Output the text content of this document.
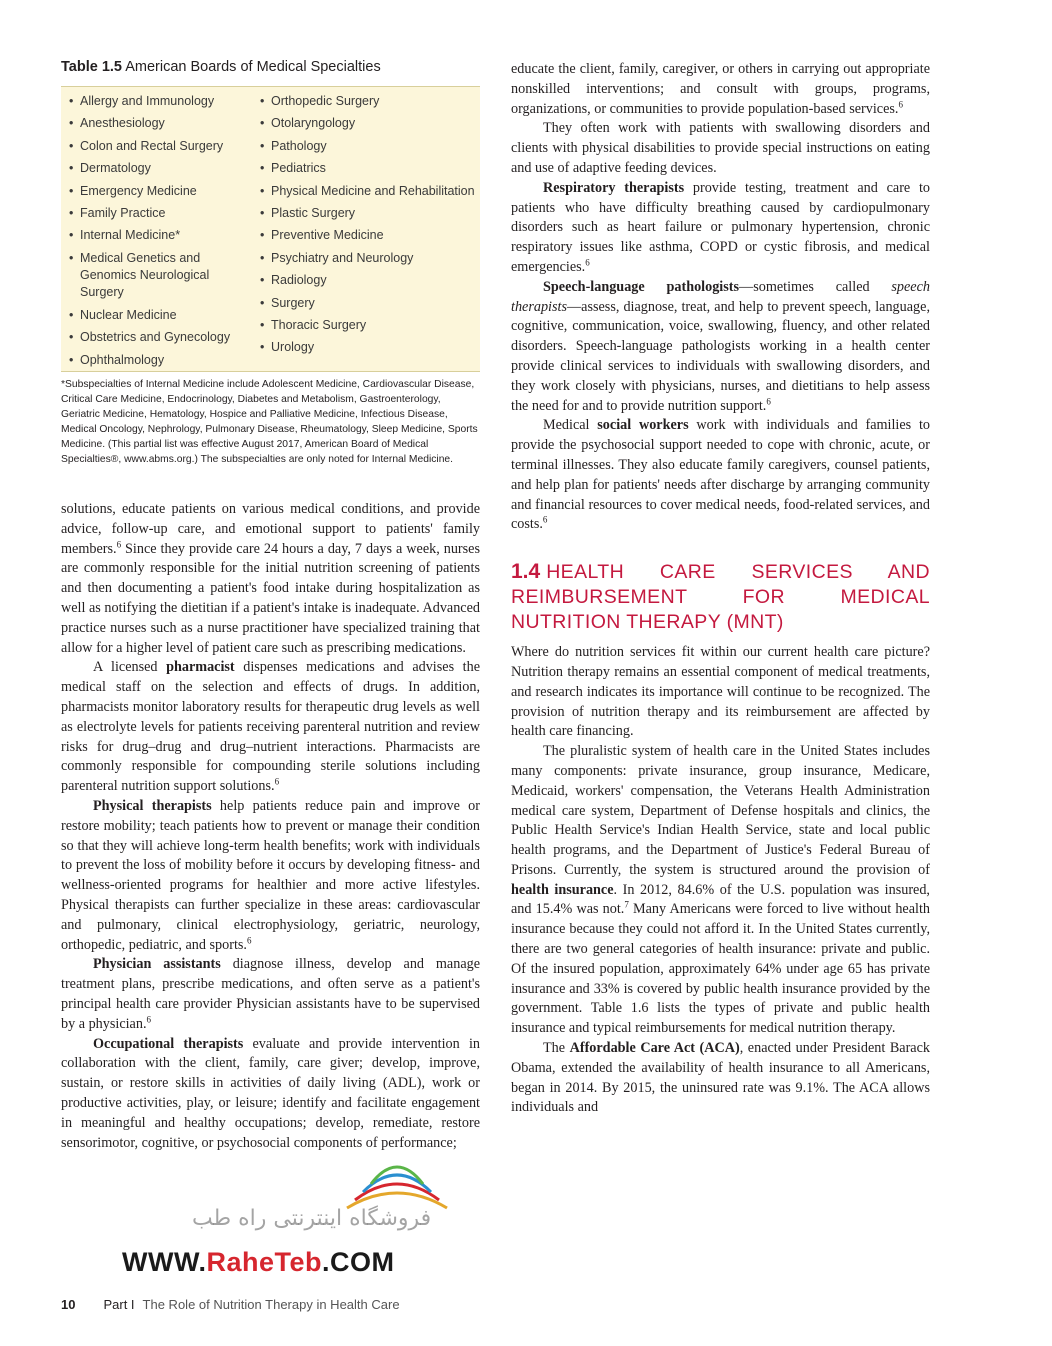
Table 1.5 American Boards of Medical Specialties
• Allergy and Immunology
• Anesthesiology
• Colon and Rectal Surgery
• Dermatology
• Emergency Medicine
• Family Practice
• Internal Medicine*
• Medical Genetics and Genomics Neurological Surgery
• Nuclear Medicine
• Obstetrics and Gynecology
• Ophthalmology
• Orthopedic Surgery
• Otolaryngology
• Pathology
• Pediatrics
• Physical Medicine and Rehabilitation
• Plastic Surgery
• Preventive Medicine
• Psychiatry and Neurology
• Radiology
• Surgery
• Thoracic Surgery
• Urology
*Subspecialties of Internal Medicine include Adolescent Medicine, Cardiovascular Disease, Critical Care Medicine, Endocrinology, Diabetes and Metabolism, Gastroenterology, Geriatric Medicine, Hematology, Hospice and Palliative Medicine, Infectious Disease, Medical Oncology, Nephrology, Pulmonary Disease, Rheumatology, Sleep Medicine, Sports Medicine. (This partial list was effective August 2017, American Board of Medical Specialties®, www.abms.org.) The subspecialties are only noted for Internal Medicine.

solutions, educate patients on various medical conditions, and provide advice, follow-up care, and emotional support to patients' family members.$^6$ Since they provide care 24 hours a day, 7 days a week, nurses are commonly responsible for the initial nutrition screening of patients and then documenting a patient's food intake during hospitalization as well as notifying the dietitian if a patient's intake is inadequate. Advanced practice nurses such as a nurse practitioner have specialized training that allow for a higher level of patient care such as prescribing medications.

A licensed pharmacist dispenses medications and advises the medical staff on the selection and effects of drugs. In addition, pharmacists monitor laboratory results for therapeutic drug levels as well as electrolyte levels for patients receiving parenteral nutrition and review risks for drug–drug and drug–nutrient interactions. Pharmacists are commonly responsible for compounding sterile solutions including parenteral nutrition support solutions.$^6$

Physical therapists help patients reduce pain and improve or restore mobility; teach patients how to prevent or manage their condition so that they will achieve long-term health benefits; work with individuals to prevent the loss of mobility before it occurs by developing fitness- and wellness-oriented programs for healthier and more active lifestyles. Physical therapists can further specialize in these areas: cardiovascular and pulmonary, clinical electrophysiology, geriatric, neurology, orthopedic, pediatric, and sports.$^6$

Physician assistants diagnose illness, develop and manage treatment plans, prescribe medications, and often serve as a patient's principal health care provider Physician assistants have to be supervised by a physician.$^6$

Occupational therapists evaluate and provide intervention in collaboration with the client, family, care giver; develop, improve, sustain, or restore skills in activities of daily living (ADL), work or productive activities, play, or leisure; identify and facilitate engagement in meaningful and healthy occupations; develop, remediate, restore sensorimotor, cognitive, or psychosocial components of performance;

educate the client, family, caregiver, or others in carrying out appropriate nonskilled interventions; and consult with groups, programs, organizations, or communities to provide population-based services.$^6$

They often work with patients with swallowing disorders and clients with physical disabilities to provide special instructions on eating and use of adaptive feeding devices.

Respiratory therapists provide testing, treatment and care to patients who have difficulty breathing caused by cardiopulmonary disorders such as heart failure or pulmonary hypertension, chronic respiratory issues like asthma, COPD or cystic fibrosis, and medical emergencies.$^6$

Speech-language pathologists—sometimes called speech therapists—assess, diagnose, treat, and help to prevent speech, language, cognitive, communication, voice, swallowing, fluency, and other related disorders. Speech-language pathologists working in a health center provide clinical services to individuals with swallowing disorders, and they work closely with physicians, nurses, and dietitians to help assess the need for and to provide nutrition support.$^6$

Medical social workers work with individuals and families to provide the psychosocial support needed to cope with chronic, acute, or terminal illnesses. They also educate family caregivers, counsel patients, and help plan for patients' needs after discharge by arranging community and financial resources to cover medical needs, food-related services, and costs.$^6$

1.4 HEALTH CARE SERVICES AND REIMBURSEMENT FOR MEDICAL NUTRITION THERAPY (MNT)

Where do nutrition services fit within our current health care picture? Nutrition therapy remains an essential component of medical treatments, and research indicates its importance will continue to be recognized. The provision of nutrition therapy and its reimbursement are affected by health care financing.

The pluralistic system of health care in the United States includes many components: private insurance, group insurance, Medicare, Medicaid, workers' compensation, the Veterans Health Administration medical care system, Department of Defense hospitals and clinics, the Public Health Service's Indian Health Service, state and local public health programs, and the Department of Justice's Federal Bureau of Prisons. Currently, the system is structured around the provision of health insurance. In 2012, 84.6% of the U.S. population was insured, and 15.4% was not.$^7$ Many Americans were forced to live without health insurance because they could not afford it. In the United States currently, there are two general categories of health insurance: private and public. Of the insured population, approximately 64% under age 65 has private insurance and 33% is covered by public health insurance provided by the government. Table 1.6 lists the types of private and public health insurance and typical reimbursements for medical nutrition therapy.

The Affordable Care Act (ACA), enacted under President Barack Obama, extended the availability of health insurance to all Americans, began in 2014. By 2015, the uninsured rate was 9.1%. The ACA allows individuals and

10 Part I The Role of Nutrition Therapy in Health Care
فروشگاه اینترنتی راه طب
WWW.RaheTeb.COM
